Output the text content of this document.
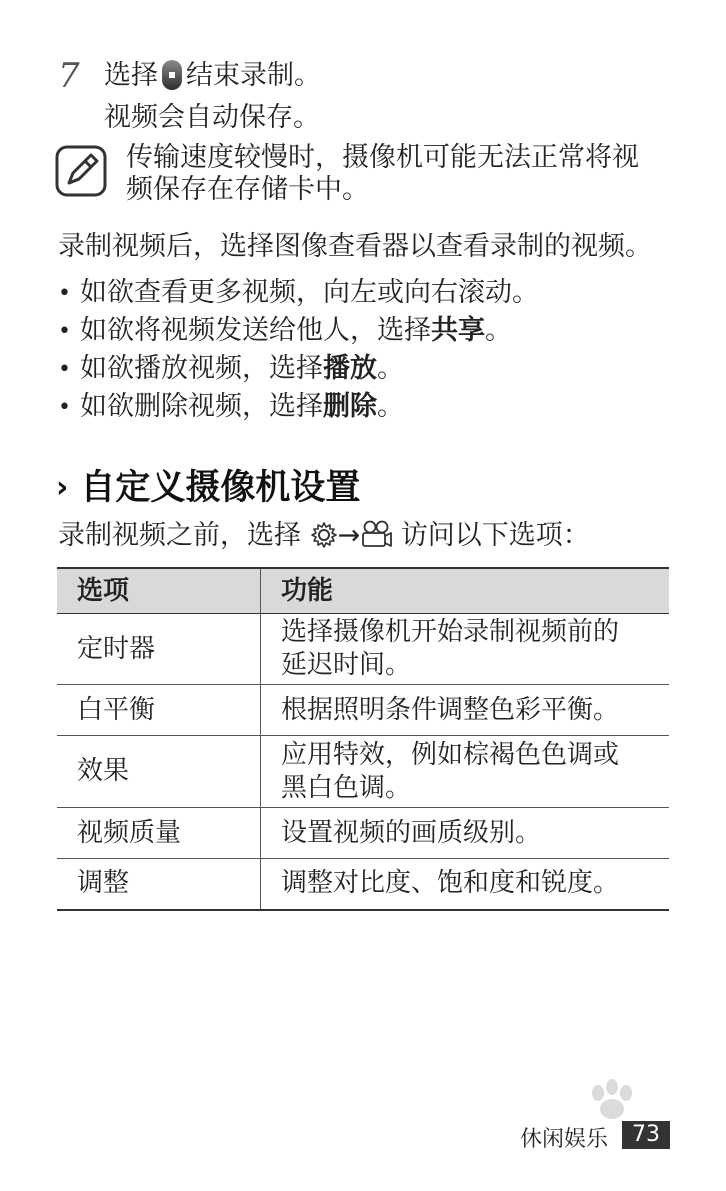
7 选择 结束录制。
视频会自动保存。
传输速度较慢时，摄像机可能无法正常将视
频保存在存储卡中。
录制视频后，选择图像查看器以查看录制的视频。
• 如欲查看更多视频，向左或向右滚动。
• 如欲将视频发送给他人，选择共享。
• 如欲播放视频，选择播放。
• 如欲删除视频，选择删除。
› 自定义摄像机设置
录制视频之前，选择 → 访问以下选项：
选项	功能
定时器	选择摄像机开始录制视频前的
延迟时间。
白平衡	根据照明条件调整色彩平衡。
效果	应用特效，例如棕褐色色调或
黑白色调。
视频质量	设置视频的画质级别。
调整	调整对比度、饱和度和锐度。
休闲娱乐	73
